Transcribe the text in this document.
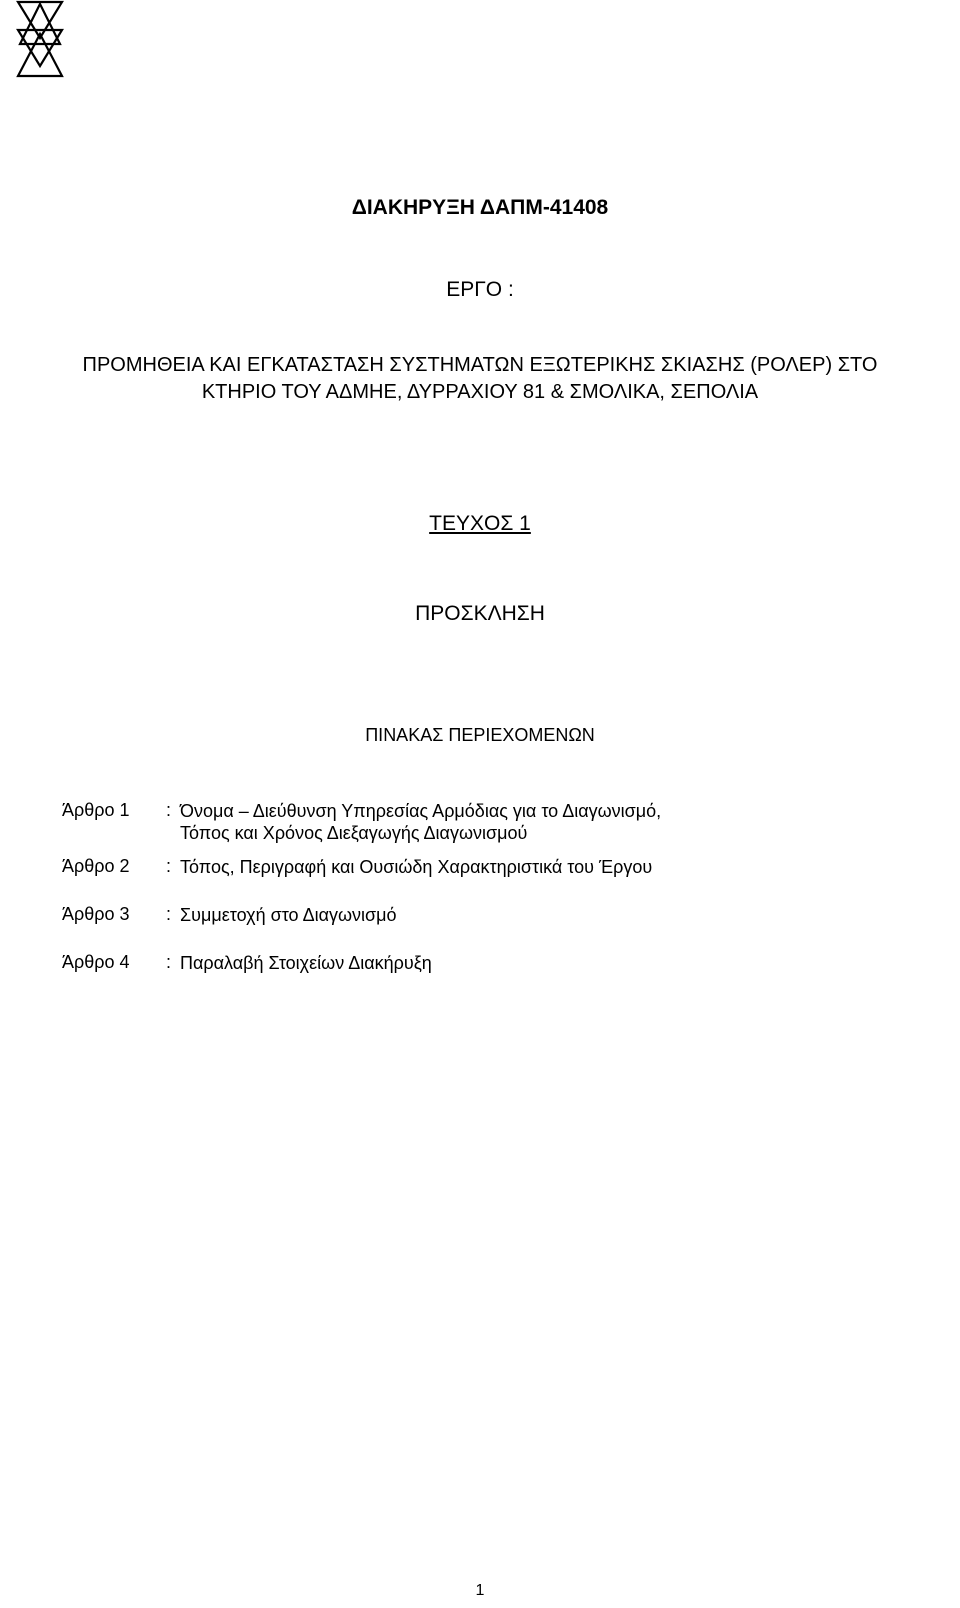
ΔΙΑΚΗΡΥΞΗ ΔΑΠΜ-41408
ΕΡΓΟ :
ΠΡΟΜΗΘΕΙΑ ΚΑΙ ΕΓΚΑΤΑΣΤΑΣΗ ΣΥΣΤΗΜΑΤΩΝ ΕΞΩΤΕΡΙΚΗΣ ΣΚΙΑΣΗΣ (ΡΟΛΕΡ) ΣΤΟ
ΚΤΗΡΙΟ ΤΟΥ ΑΔΜΗΕ, ΔΥΡΡΑΧΙΟΥ 81 & ΣΜΟΛΙΚΑ, ΣΕΠΟΛΙΑ
ΤΕΥΧΟΣ 1
ΠΡΟΣΚΛΗΣΗ
ΠΙΝΑΚΑΣ ΠΕΡΙΕΧΟΜΕΝΩΝ
Άρθρο 1 : Όνομα – Διεύθυνση Υπηρεσίας Αρμόδιας για το Διαγωνισμό,
Τόπος και Χρόνος Διεξαγωγής Διαγωνισμού
Άρθρο 2 : Τόπος, Περιγραφή και Ουσιώδη Χαρακτηριστικά του Έργου
Άρθρο 3 : Συμμετοχή στο Διαγωνισμό
Άρθρο 4 : Παραλαβή Στοιχείων Διακήρυξη
1
